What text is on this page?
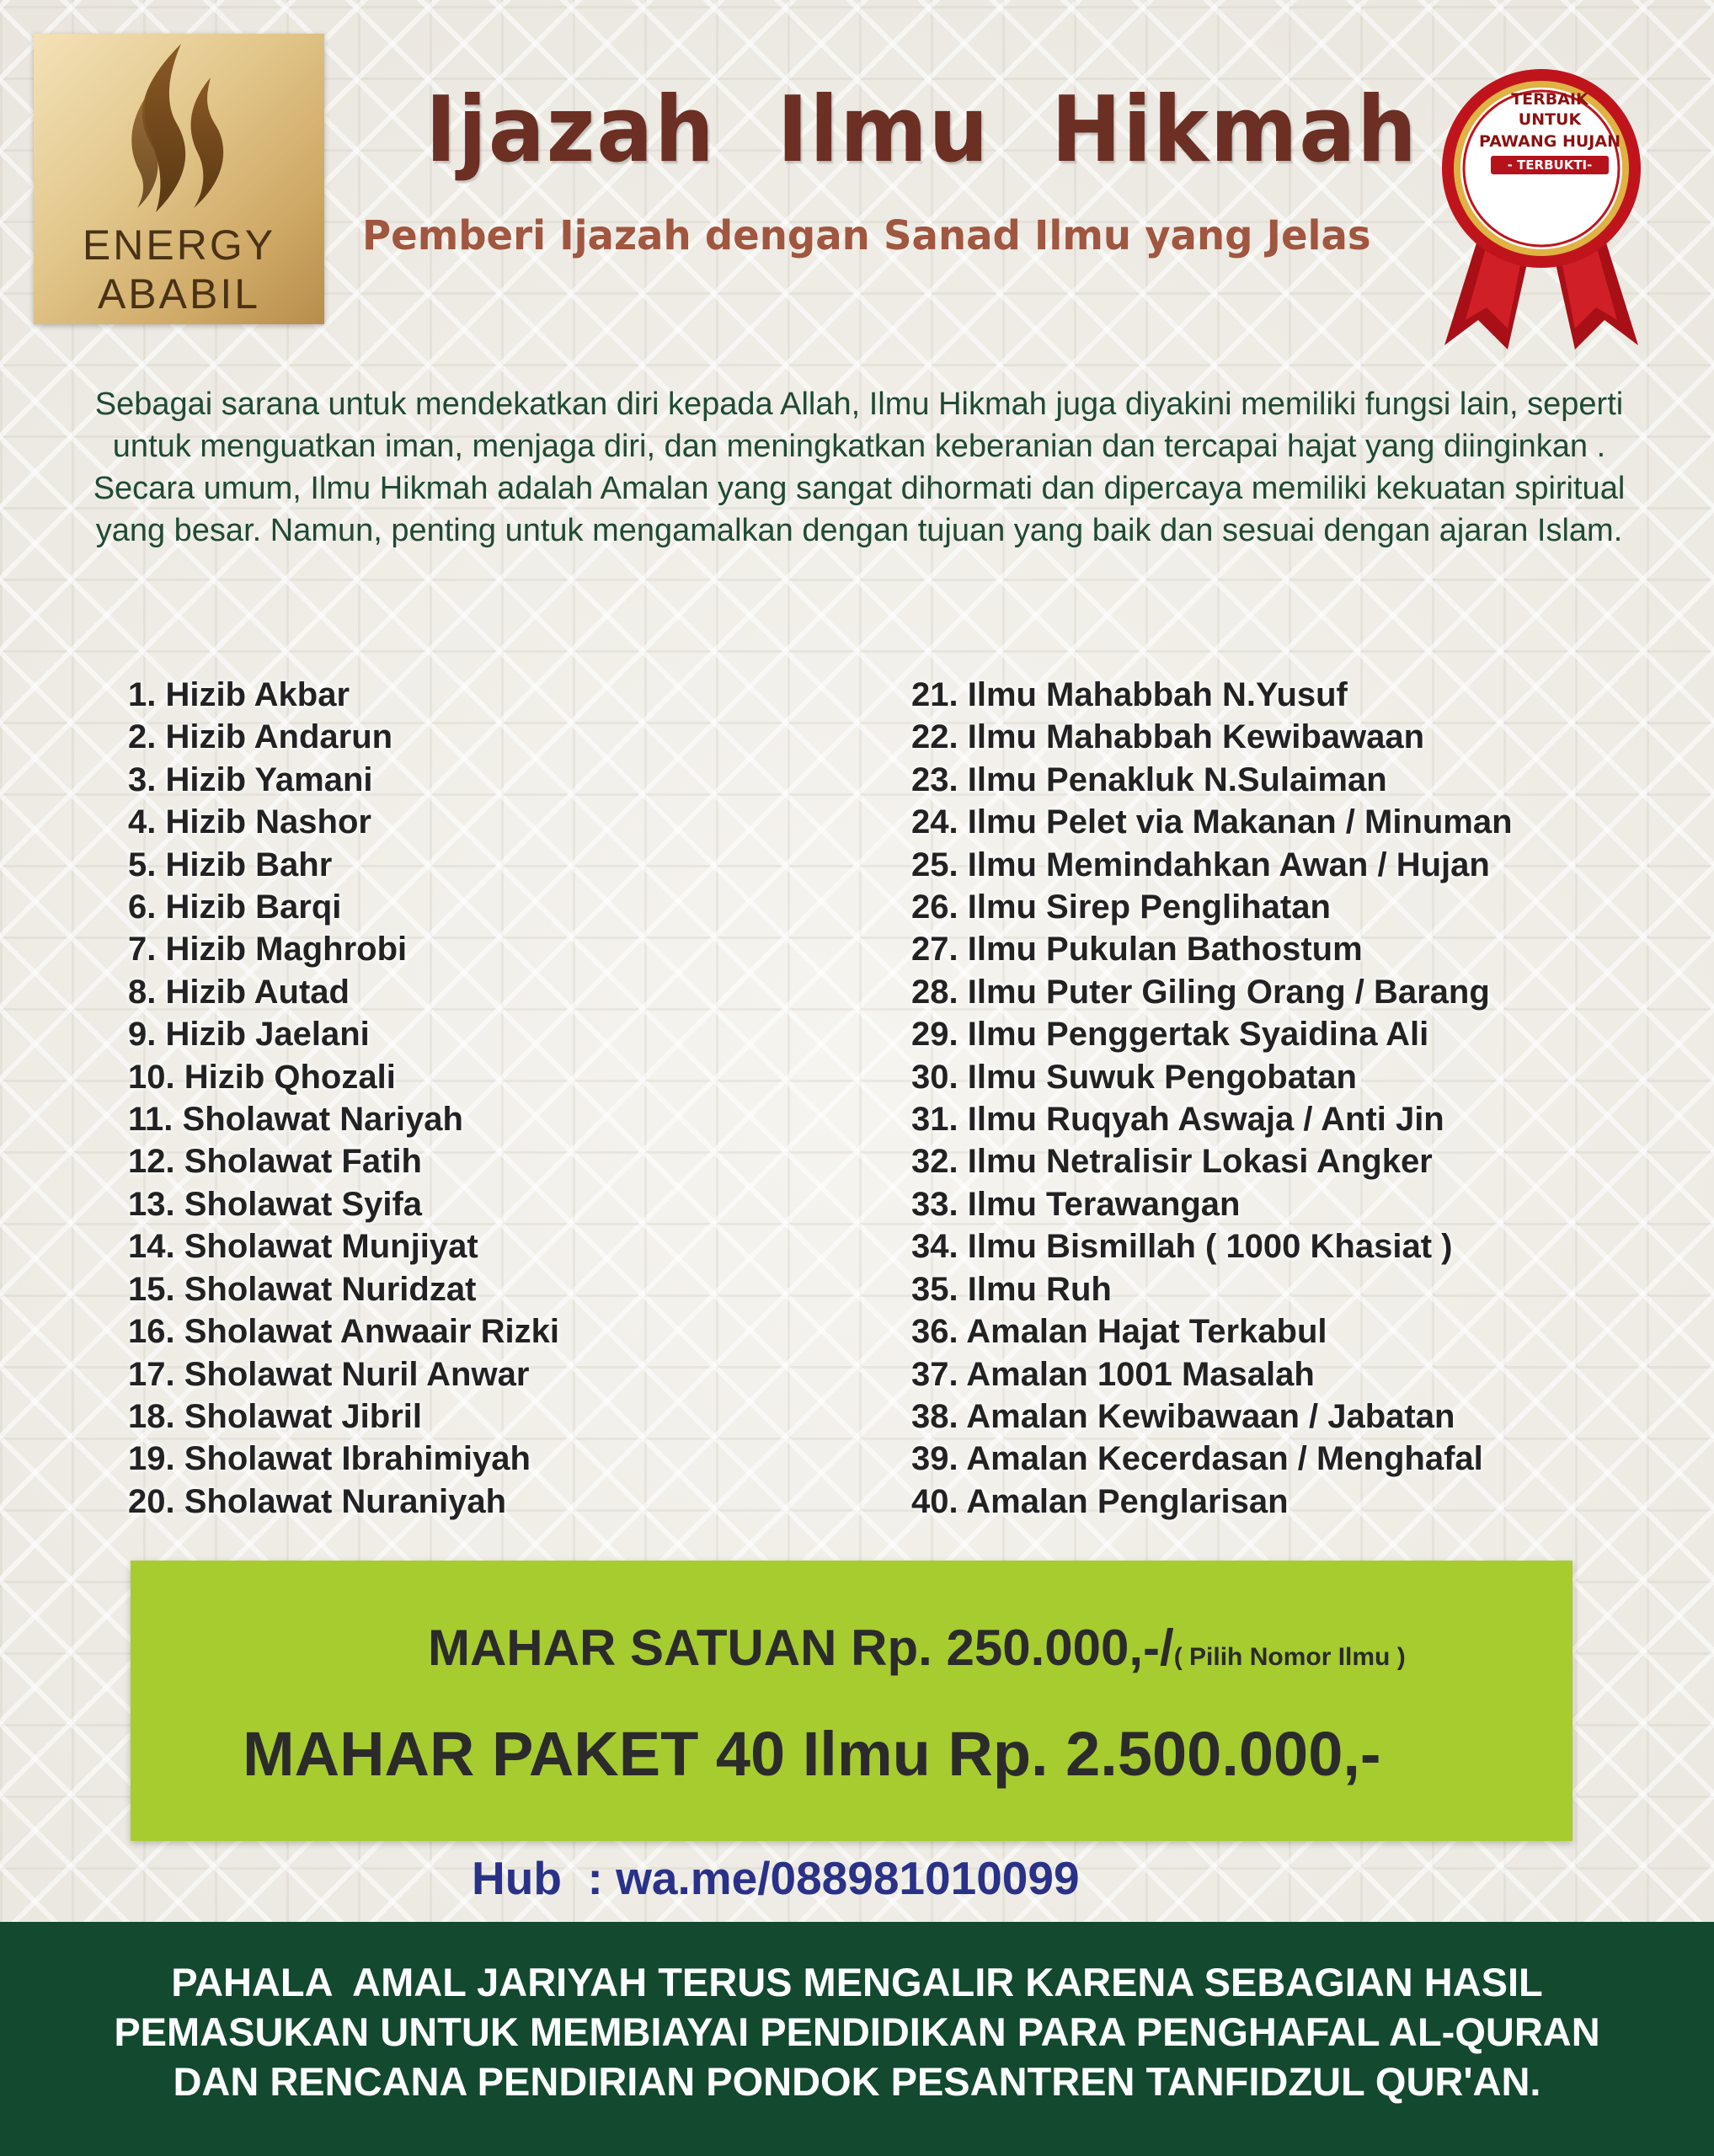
ENERGY
ABABIL
Ijazah  Ilmu  Hikmah
Pemberi Ijazah dengan Sanad Ilmu yang Jelas
TERBAIK
UNTUK
PAWANG HUJAN
- TERBUKTI-

Sebagai sarana untuk mendekatkan diri kepada Allah, Ilmu Hikmah juga diyakini memiliki fungsi lain, seperti untuk menguatkan iman, menjaga diri, dan meningkatkan keberanian dan tercapai hajat yang diinginkan .

Secara umum, Ilmu Hikmah adalah Amalan yang sangat dihormati dan dipercaya memiliki kekuatan spiritual yang besar. Namun, penting untuk mengamalkan dengan tujuan yang baik dan sesuai dengan ajaran Islam.

1. Hizib Akbar
2. Hizib Andarun
3. Hizib Yamani
4. Hizib Nashor
5. Hizib Bahr
6. Hizib Barqi
7. Hizib Maghrobi
8. Hizib Autad
9. Hizib Jaelani
10. Hizib Qhozali
11. Sholawat Nariyah
12. Sholawat Fatih
13. Sholawat Syifa
14. Sholawat Munjiyat
15. Sholawat Nuridzat
16. Sholawat Anwaair Rizki
17. Sholawat Nuril Anwar
18. Sholawat Jibril
19. Sholawat Ibrahimiyah
20. Sholawat Nuraniyah
21. Ilmu Mahabbah N.Yusuf
22. Ilmu Mahabbah Kewibawaan
23. Ilmu Penakluk N.Sulaiman
24. Ilmu Pelet via Makanan / Minuman
25. Ilmu Memindahkan Awan / Hujan
26. Ilmu Sirep Penglihatan
27. Ilmu Pukulan Bathostum
28. Ilmu Puter Giling Orang / Barang
29. Ilmu Penggertak Syaidina Ali
30. Ilmu Suwuk Pengobatan
31. Ilmu Ruqyah Aswaja / Anti Jin
32. Ilmu Netralisir Lokasi Angker
33. Ilmu Terawangan
34. Ilmu Bismillah ( 1000 Khasiat )
35. Ilmu Ruh
36. Amalan Hajat Terkabul
37. Amalan 1001 Masalah
38. Amalan Kewibawaan / Jabatan
39. Amalan Kecerdasan / Menghafal
40. Amalan Penglarisan
MAHAR SATUAN Rp. 250.000,-/( Pilih Nomor Ilmu )
MAHAR PAKET 40 Ilmu Rp. 2.500.000,-
Hub  : wa.me/088981010099
PAHALA  AMAL JARIYAH TERUS MENGALIR KARENA SEBAGIAN HASIL
PEMASUKAN UNTUK MEMBIAYAI PENDIDIKAN PARA PENGHAFAL AL-QURAN
DAN RENCANA PENDIRIAN PONDOK PESANTREN TANFIDZUL QUR'AN.
